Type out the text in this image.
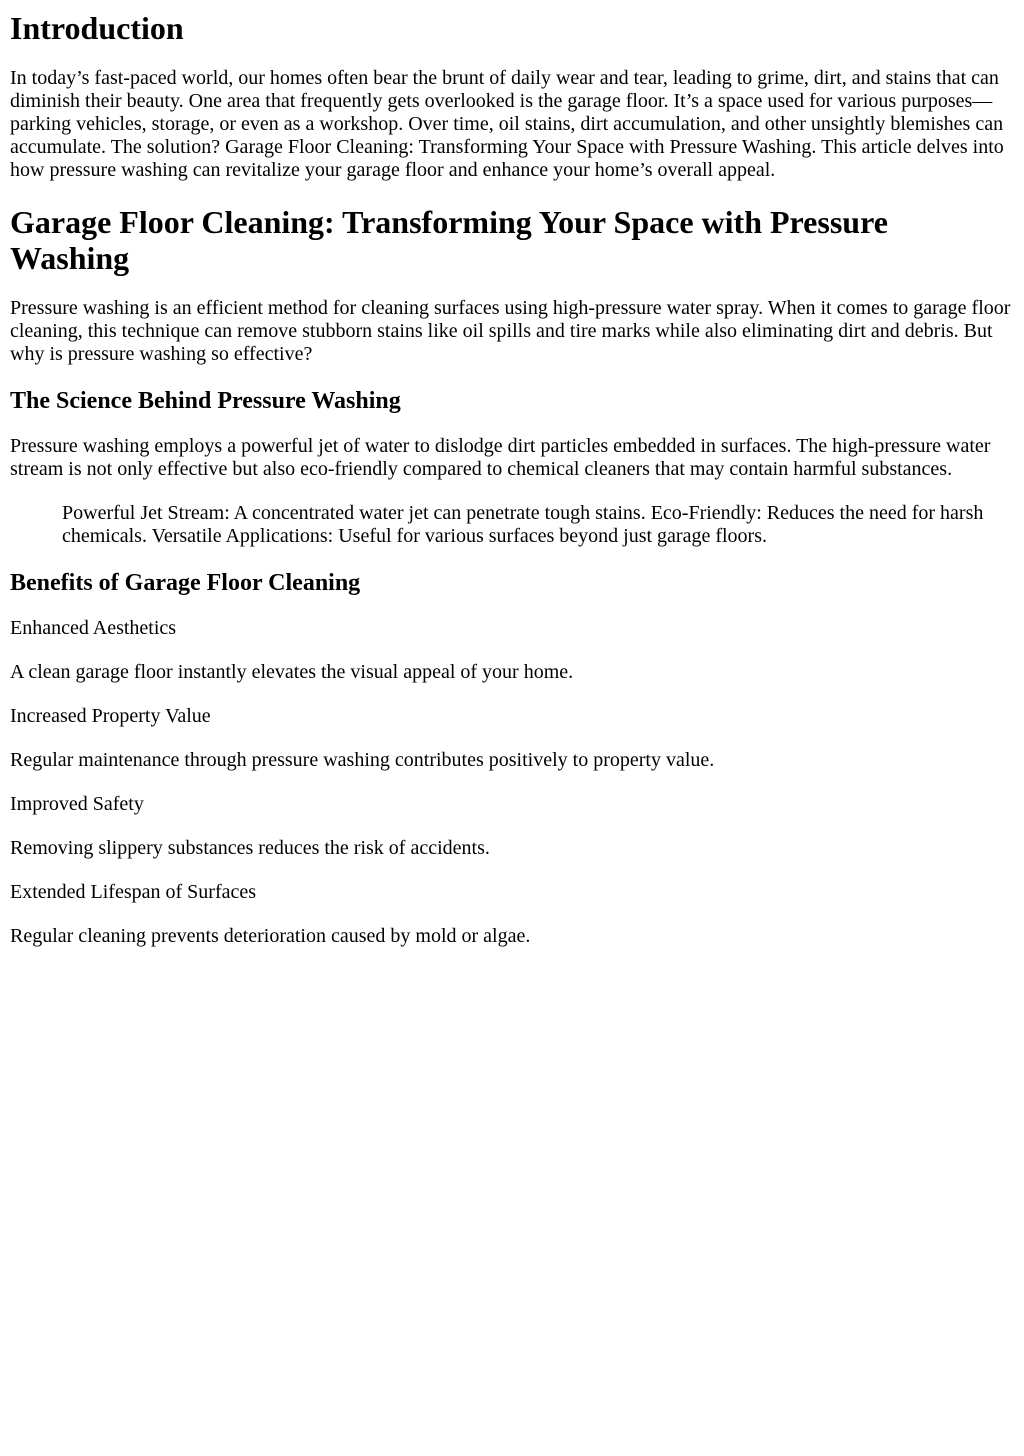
Introduction

In today’s fast-paced world, our homes often bear the brunt of daily wear and tear, leading to grime, dirt, and stains that can diminish their beauty. One area that frequently gets overlooked is the garage floor. It’s a space used for various purposes—parking vehicles, storage, or even as a workshop. Over time, oil stains, dirt accumulation, and other unsightly blemishes can accumulate. The solution? Garage Floor Cleaning: Transforming Your Space with Pressure Washing. This article delves into how pressure washing can revitalize your garage floor and enhance your home’s overall appeal.

Garage Floor Cleaning: Transforming Your Space with Pressure Washing

Pressure washing is an efficient method for cleaning surfaces using high-pressure water spray. When it comes to garage floor cleaning, this technique can remove stubborn stains like oil spills and tire marks while also eliminating dirt and debris. But why is pressure washing so effective?

The Science Behind Pressure Washing

Pressure washing employs a powerful jet of water to dislodge dirt particles embedded in surfaces. The high-pressure water stream is not only effective but also eco-friendly compared to chemical cleaners that may contain harmful substances.

Powerful Jet Stream: A concentrated water jet can penetrate tough stains. Eco-Friendly: Reduces the need for harsh chemicals. Versatile Applications: Useful for various surfaces beyond just garage floors.
Benefits of Garage Floor Cleaning

Enhanced Aesthetics

A clean garage floor instantly elevates the visual appeal of your home.

Increased Property Value

Regular maintenance through pressure washing contributes positively to property value.

Improved Safety

Removing slippery substances reduces the risk of accidents.

Extended Lifespan of Surfaces

Regular cleaning prevents deterioration caused by mold or algae.
